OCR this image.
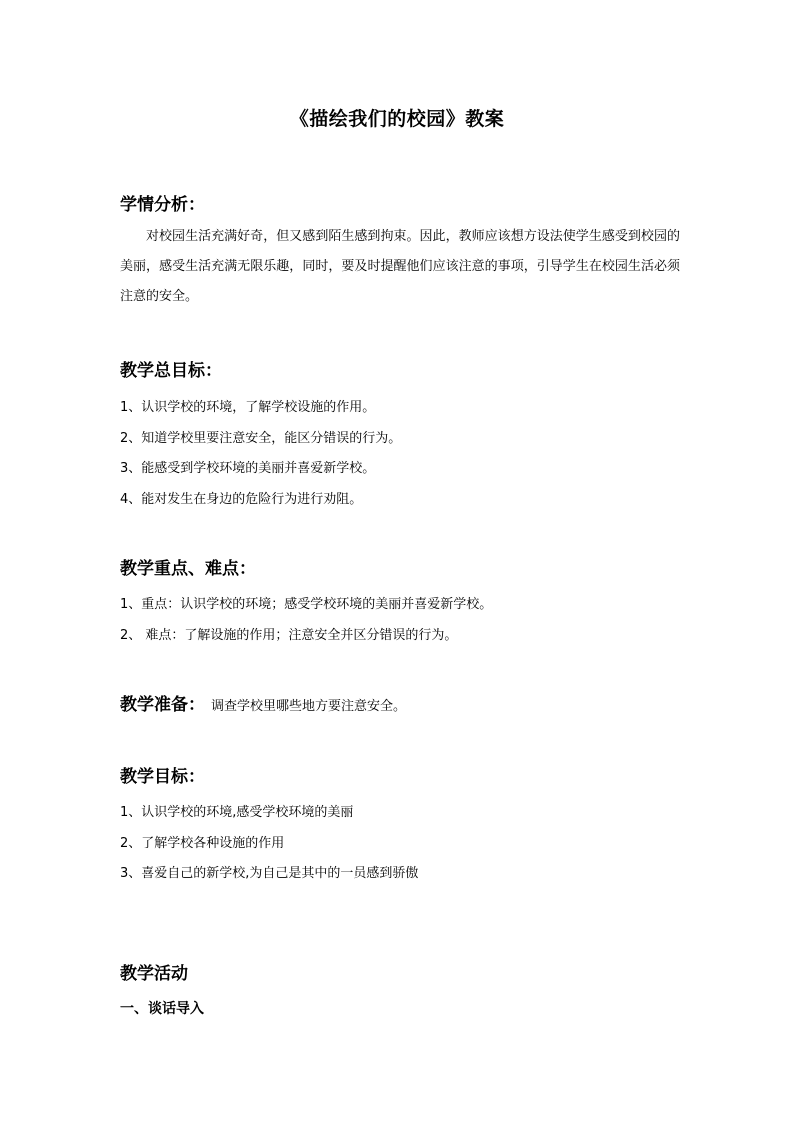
《描绘我们的校园》教案
学情分析：
对校园生活充满好奇，但又感到陌生感到拘束。因此，教师应该想方设法使学生感受到校园的美丽，感受生活充满无限乐趣，同时，要及时提醒他们应该注意的事项，引导学生在校园生活必须注意的安全。
教学总目标：
1、认识学校的环境，了解学校设施的作用。
2、知道学校里要注意安全，能区分错误的行为。
3、能感受到学校环境的美丽并喜爱新学校。
4、能对发生在身边的危险行为进行劝阻。
教学重点、难点：
1、重点：认识学校的环境；感受学校环境的美丽并喜爱新学校。
2、 难点：了解设施的作用；注意安全并区分错误的行为。
教学准备： 调查学校里哪些地方要注意安全。
教学目标：
1、认识学校的环境,感受学校环境的美丽
2、了解学校各种设施的作用
3、喜爱自己的新学校,为自己是其中的一员感到骄傲
教学活动
一、谈话导入
